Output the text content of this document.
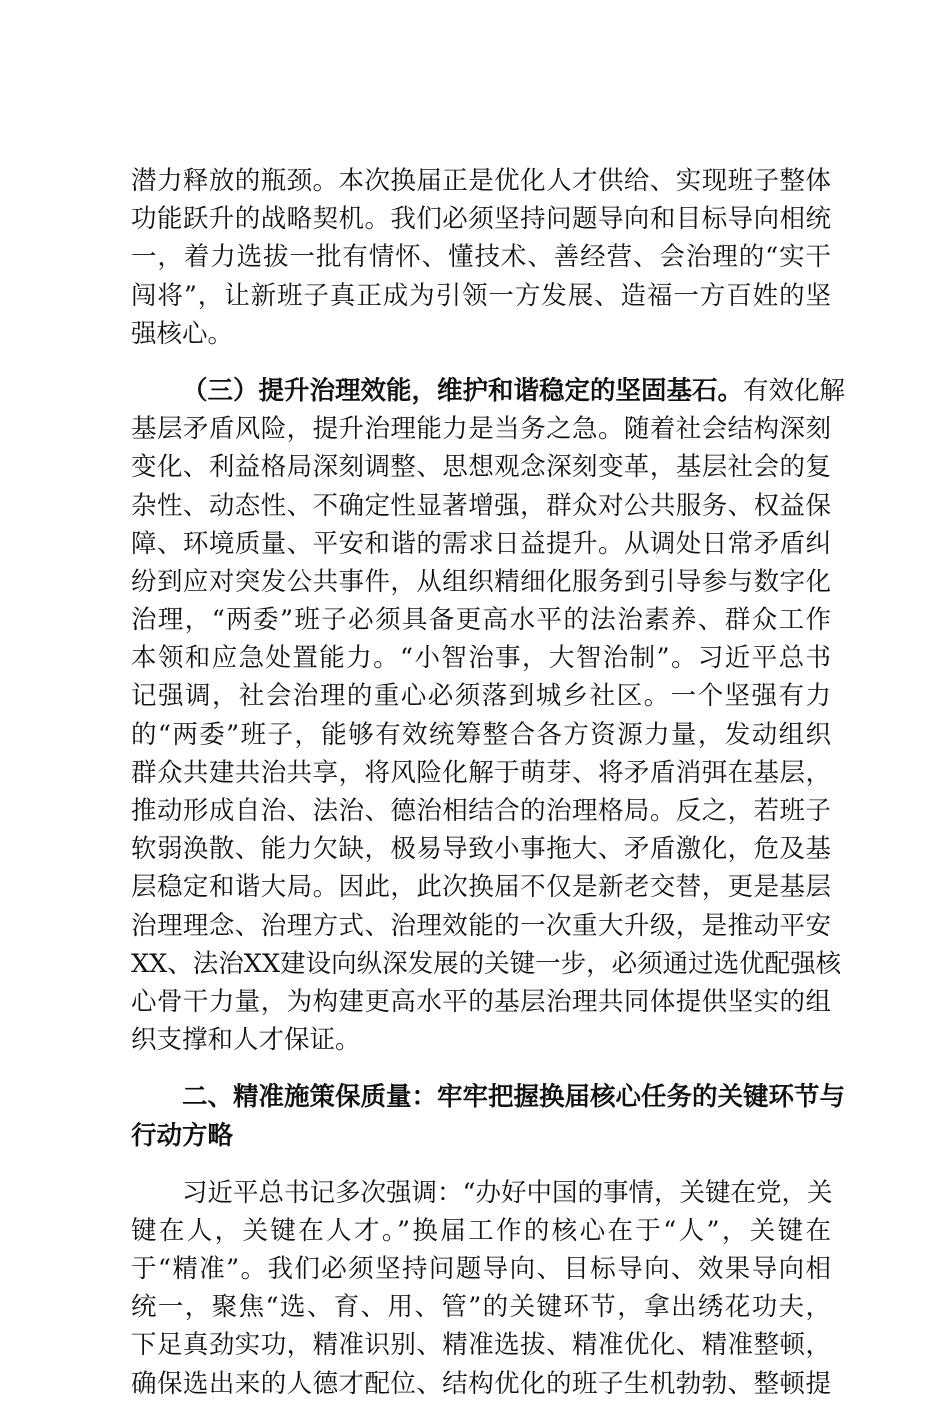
潜力释放的瓶颈。本次换届正是优化人才供给、实现班子整体
功能跃升的战略契机。我们必须坚持问题导向和目标导向相统
一，着力选拔一批有情怀、懂技术、善经营、会治理的“实干
闯将”，让新班子真正成为引领一方发展、造福一方百姓的坚
强核心。
（三）提升治理效能，维护和谐稳定的坚固基石。有效化解
基层矛盾风险，提升治理能力是当务之急。随着社会结构深刻
变化、利益格局深刻调整、思想观念深刻变革，基层社会的复
杂性、动态性、不确定性显著增强，群众对公共服务、权益保
障、环境质量、平安和谐的需求日益提升。从调处日常矛盾纠
纷到应对突发公共事件，从组织精细化服务到引导参与数字化
治理，“两委”班子必须具备更高水平的法治素养、群众工作
本领和应急处置能力。“小智治事，大智治制”。习近平总书
记强调，社会治理的重心必须落到城乡社区。一个坚强有力
的“两委”班子，能够有效统筹整合各方资源力量，发动组织
群众共建共治共享，将风险化解于萌芽、将矛盾消弭在基层，
推动形成自治、法治、德治相结合的治理格局。反之，若班子
软弱涣散、能力欠缺，极易导致小事拖大、矛盾激化，危及基
层稳定和谐大局。因此，此次换届不仅是新老交替，更是基层
治理理念、治理方式、治理效能的一次重大升级，是推动平安
XX、法治XX建设向纵深发展的关键一步，必须通过选优配强核
心骨干力量，为构建更高水平的基层治理共同体提供坚实的组
织支撑和人才保证。
二、精准施策保质量：牢牢把握换届核心任务的关键环节与
行动方略
习近平总书记多次强调：“办好中国的事情，关键在党，关
键在人，关键在人才。”换届工作的核心在于“人”，关键在
于“精准”。我们必须坚持问题导向、目标导向、效果导向相
统一，聚焦“选、育、用、管”的关键环节，拿出绣花功夫，
下足真劲实功，精准识别、精准选拔、精准优化、精准整顿，
确保选出来的人德才配位、结构优化的班子生机勃勃、整顿提
